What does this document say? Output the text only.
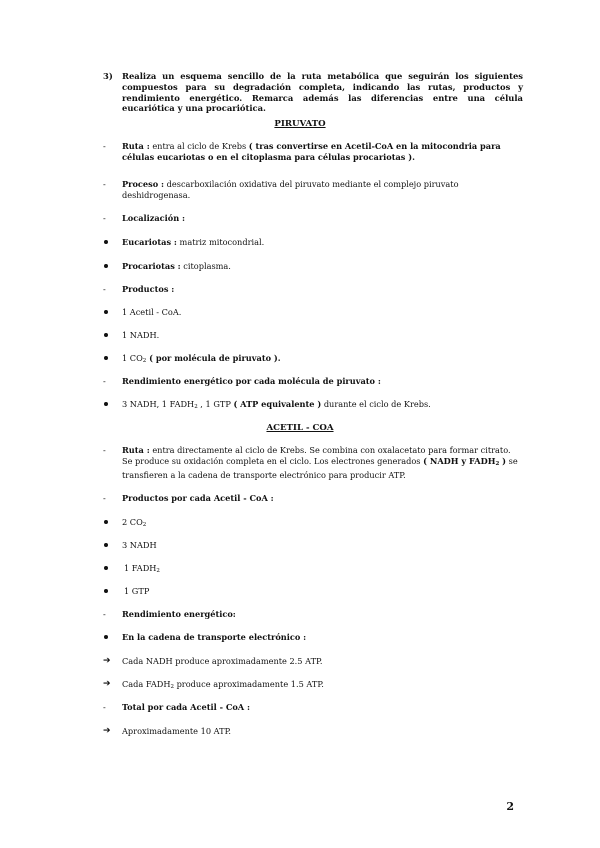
3) Realiza un esquema sencillo de la ruta metabólica que seguirán los siguientes compuestos para su degradación completa, indicando las rutas, productos y rendimiento energético. Remarca además las diferencias entre una célula eucariótica y una procariótica.
PIRUVATO
-	Ruta : entra al ciclo de Krebs ( tras convertirse en Acetil-CoA en la mitocondria para células eucariotas o en el citoplasma para células procariotas ).
-	Proceso : descarboxilación oxidativa del piruvato mediante el complejo piruvato deshidrogenasa.
-	Localización :
Eucariotas : matriz mitocondrial.
Procariotas : citoplasma.
-	Productos :
1 Acetil - CoA.
1 NADH.
1 $CO_2$ ( por molécula de piruvato ).
-	Rendimiento energético por cada molécula de piruvato :
3 NADH, 1 $FADH_2$ , 1 GTP ( ATP equivalente ) durante el ciclo de Krebs.
ACETIL - COA
-	Ruta : entra directamente al ciclo de Krebs. Se combina con oxalacetato para formar citrato.
Se produce su oxidación completa en el ciclo. Los electrones generados ( NADH y $FADH_2$ ) se
transfieren a la cadena de transporte electrónico para producir ATP.
-	Productos por cada Acetil - CoA :
2 $CO_2$
3 NADH
1 $FADH_2$
1 GTP
-	Rendimiento energético:
En la cadena de transporte electrónico :
➔	Cada NADH produce aproximadamente 2.5 ATP.
➔	Cada $FADH_2$ produce aproximadamente 1.5 ATP.
-	Total por cada Acetil - CoA :
➔	Aproximadamente 10 ATP.
2
